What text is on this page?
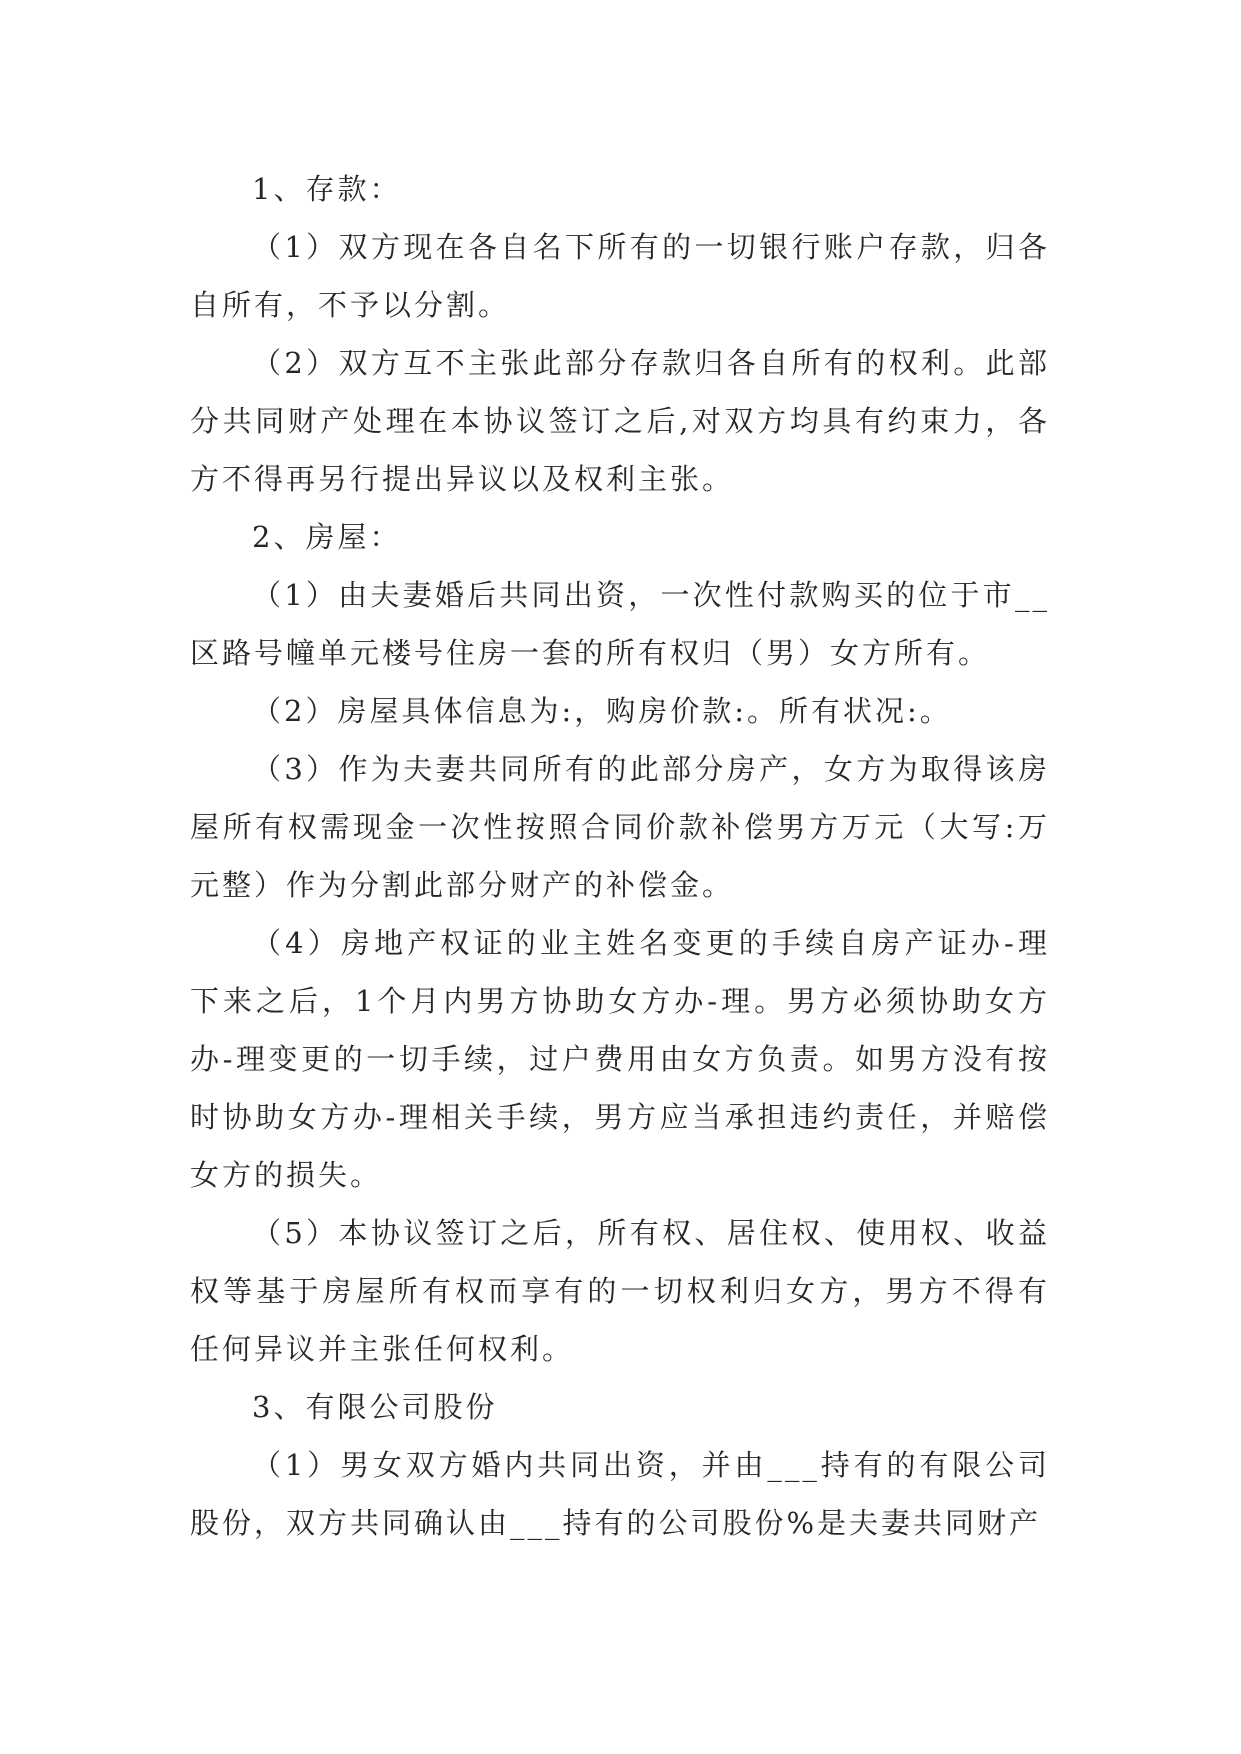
1、存款：

（1）双方现在各自名下所有的一切银行账户存款，归各自所有，不予以分割。

（2）双方互不主张此部分存款归各自所有的权利。此部分共同财产处理在本协议签订之后,对双方均具有约束力，各方不得再另行提出异议以及权利主张。

2、房屋：

（1）由夫妻婚后共同出资，一次性付款购买的位于市__区路号幢单元楼号住房一套的所有权归（男）女方所有。

（2）房屋具体信息为:，购房价款:。所有状况:。

（3）作为夫妻共同所有的此部分房产，女方为取得该房屋所有权需现金一次性按照合同价款补偿男方万元（大写:万元整）作为分割此部分财产的补偿金。

（4）房地产权证的业主姓名变更的手续自房产证办-理下来之后，1个月内男方协助女方办-理。男方必须协助女方办-理变更的一切手续，过户费用由女方负责。如男方没有按时协助女方办-理相关手续，男方应当承担违约责任，并赔偿女方的损失。

（5）本协议签订之后，所有权、居住权、使用权、收益权等基于房屋所有权而享有的一切权利归女方，男方不得有任何异议并主张任何权利。

3、有限公司股份

（1）男女双方婚内共同出资，并由___持有的有限公司股份，双方共同确认由___持有的公司股份%是夫妻共同财产
